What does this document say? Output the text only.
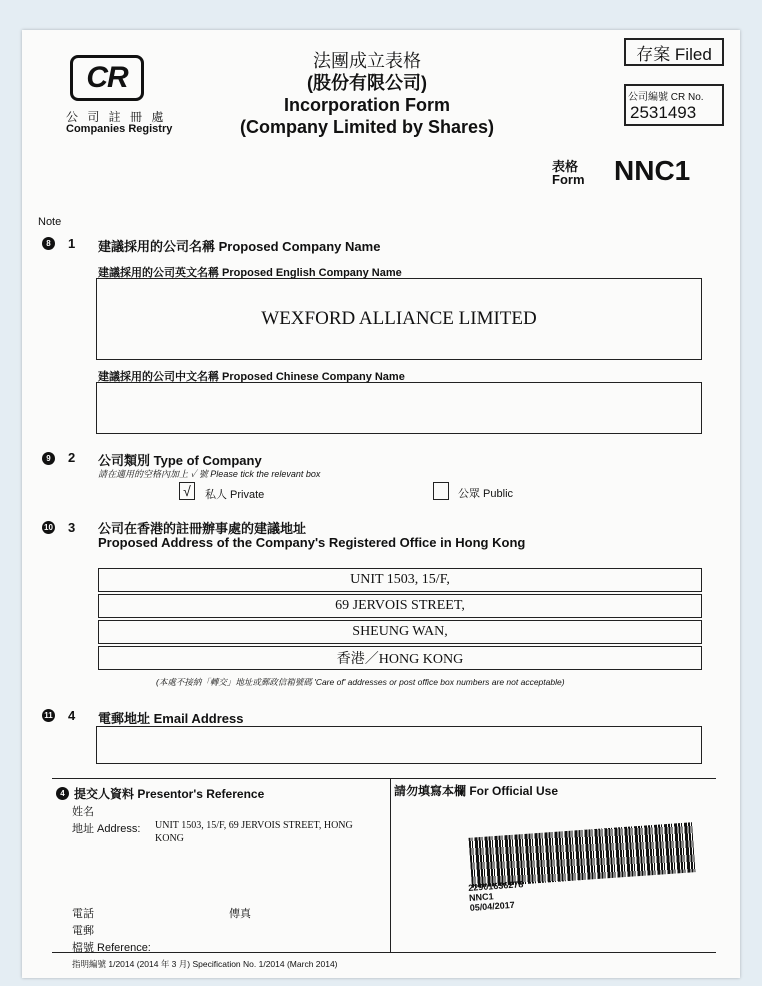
CR
公 司 註 冊 處
Companies Registry
法團成立表格
(股份有限公司)
Incorporation Form
(Company Limited by Shares)
存案 Filed
公司編號 CR No.
2531493
表格
Form NNC1
Note
8 1 建議採用的公司名稱 Proposed Company Name
建議採用的公司英文名稱 Proposed English Company Name
WEXFORD ALLIANCE LIMITED
建議採用的公司中文名稱 Proposed Chinese Company Name
9 2 公司類別 Type of Company
請在適用的空格內加上 ✓ 號 Please tick the relevant box
√ 私人 Private	公眾 Public
10 3 公司在香港的註冊辦事處的建議地址
Proposed Address of the Company's Registered Office in Hong Kong
UNIT 1503, 15/F,
69 JERVOIS STREET,
SHEUNG WAN,
香港／HONG KONG
(本處不接納「轉交」地址或郵政信箱號碼 'Care of' addresses or post office box numbers are not acceptable)
11 4 電郵地址 Email Address
4 提交人資料 Presentor's Reference
姓名
地址 Address: UNIT 1503, 15/F, 69 JERVOIS STREET, HONG
KONG
電話	傳真
電郵
檔號 Reference:
請勿填寫本欄 For Official Use
22901636278
NNC1
05/04/2017
指明編號 1/2014 (2014 年 3 月) Specification No. 1/2014 (March 2014)
